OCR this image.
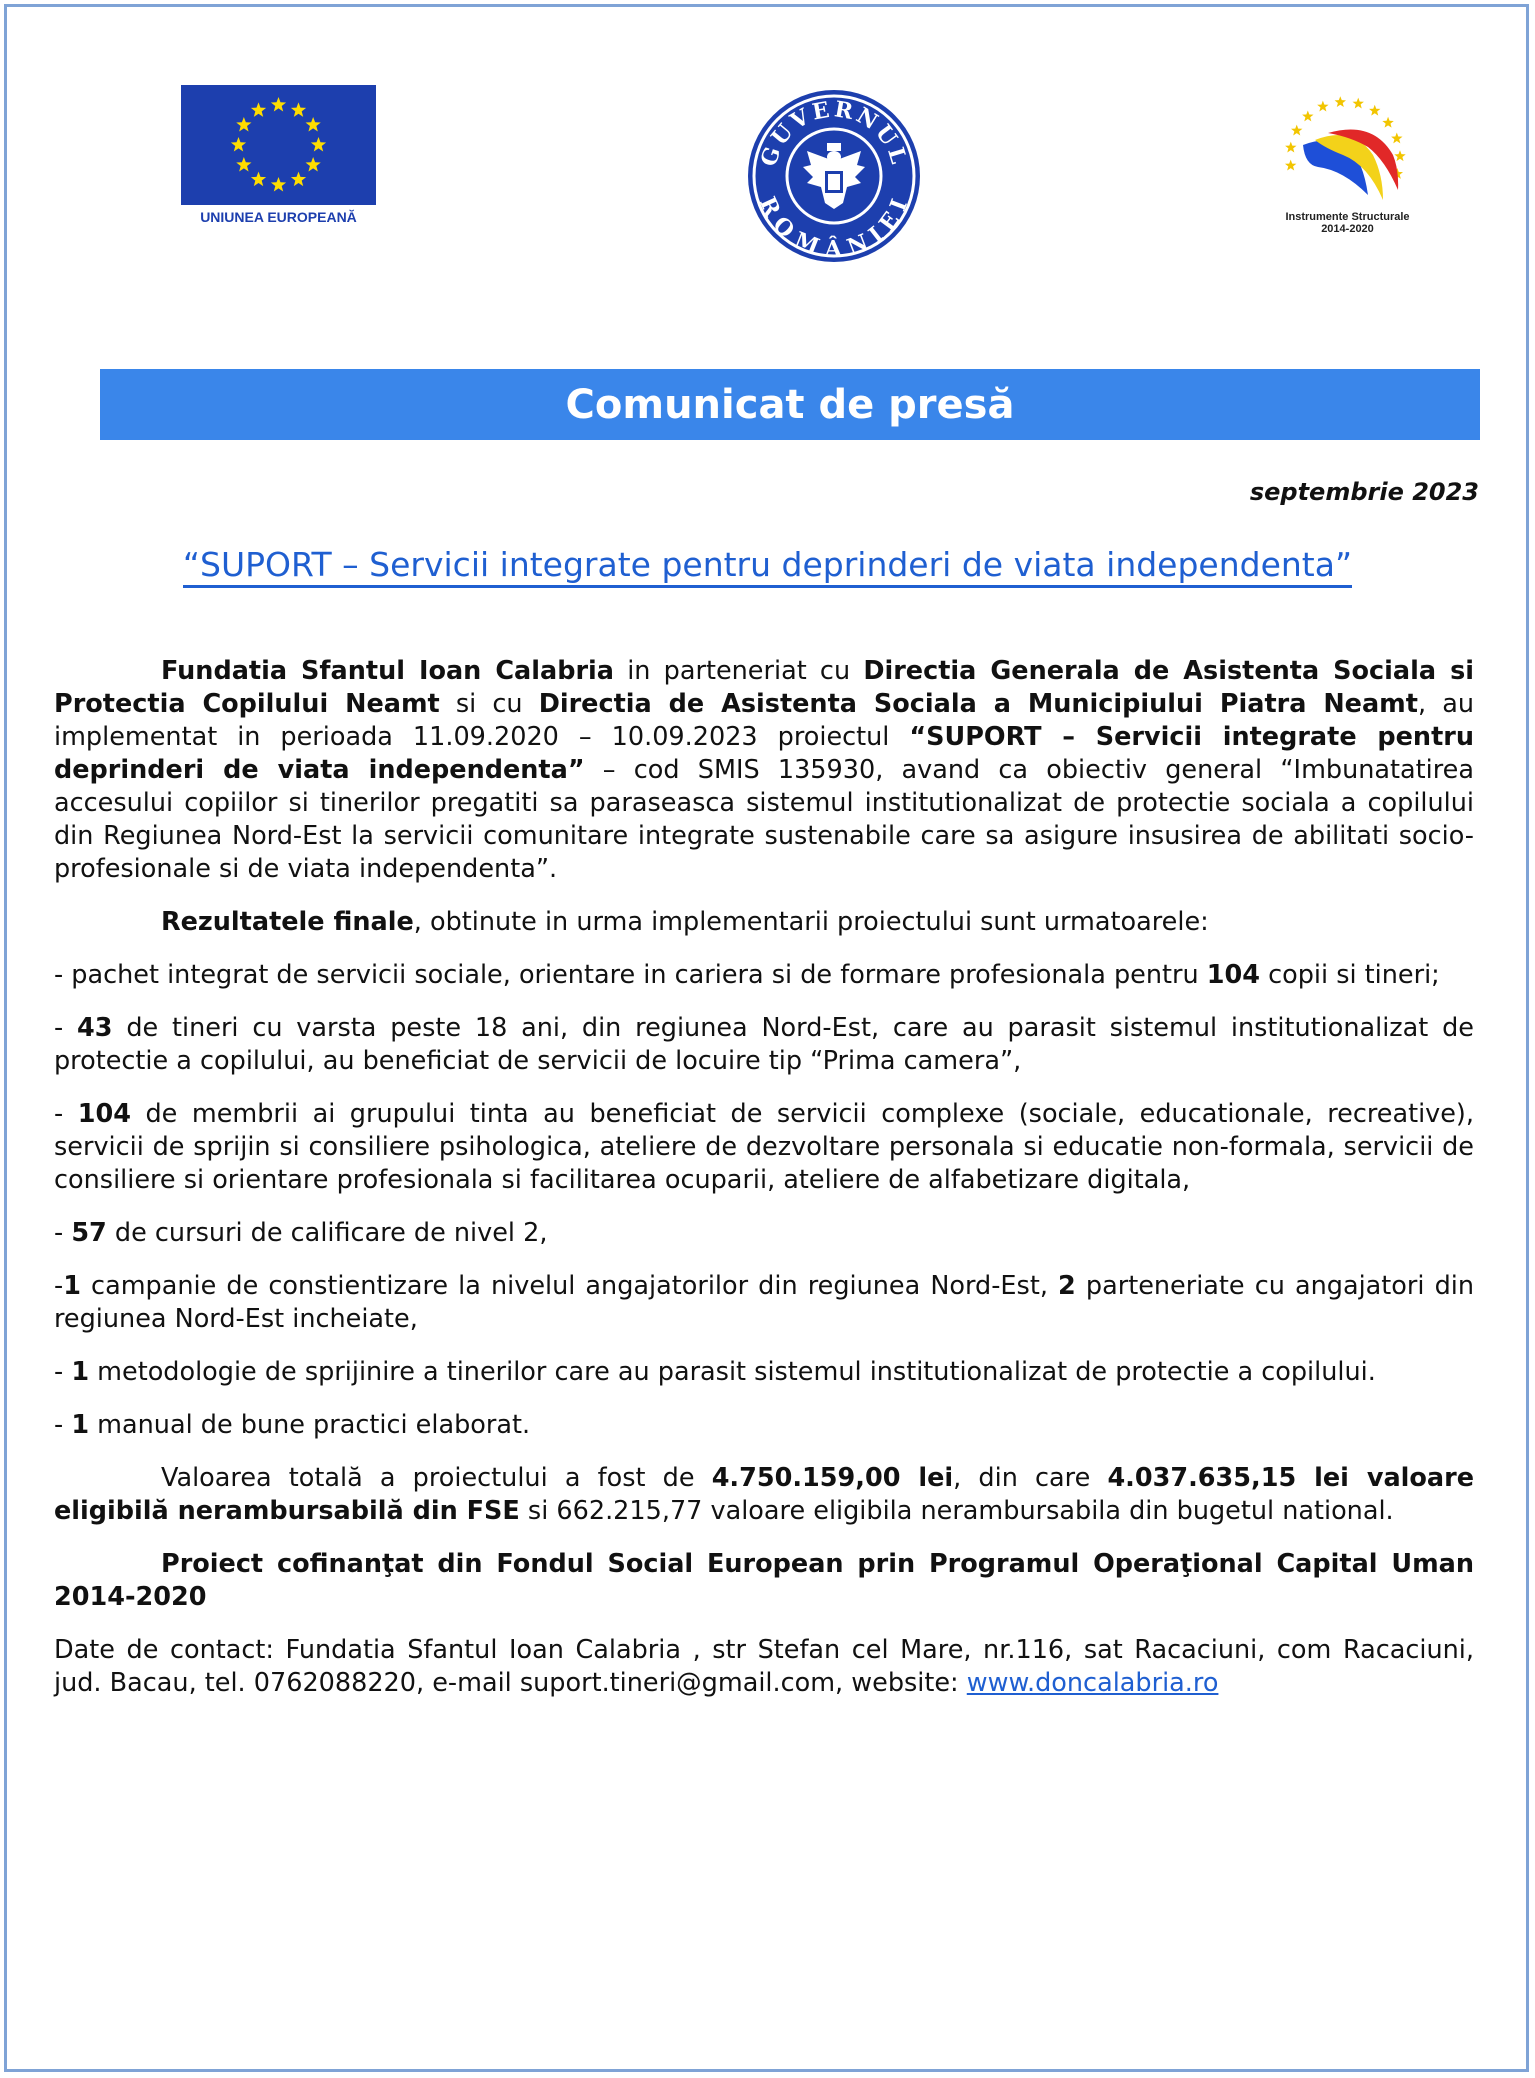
UNIUNEA EUROPEANĂ
GUVERNUL
ROMÂNIEI
Instrumente Structurale
2014-2020
Comunicat de presă
septembrie 2023
“SUPORT – Servicii integrate pentru deprinderi de viata independenta”

Fundatia Sfantul Ioan Calabria in parteneriat cu Directia Generala de Asistenta Sociala si Protectia Copilului Neamt si cu Directia de Asistenta Sociala a Municipiului Piatra Neamt, au implementat in perioada 11.09.2020 – 10.09.2023 proiectul “SUPORT – Servicii integrate pentru deprinderi de viata independenta” – cod SMIS 135930, avand ca obiectiv general “Imbunatatirea accesului copiilor si tinerilor pregatiti sa paraseasca sistemul institutionalizat de protectie sociala a copilului din Regiunea Nord-Est la servicii comunitare integrate sustenabile care sa asigure insusirea de abilitati socio-profesionale si de viata independenta”.

Rezultatele finale, obtinute in urma implementarii proiectului sunt urmatoarele:

- pachet integrat de servicii sociale, orientare in cariera si de formare profesionala pentru 104 copii si tineri;

- 43 de tineri cu varsta peste 18 ani, din regiunea Nord-Est, care au parasit sistemul institutionalizat de protectie a copilului, au beneficiat de servicii de locuire tip “Prima camera”,

- 104 de membrii ai grupului tinta au beneficiat de servicii complexe (sociale, educationale, recreative), servicii de sprijin si consiliere psihologica, ateliere de dezvoltare personala si educatie non-formala, servicii de consiliere si orientare profesionala si facilitarea ocuparii, ateliere de alfabetizare digitala,

- 57 de cursuri de calificare de nivel 2,

-1 campanie de constientizare la nivelul angajatorilor din regiunea Nord-Est, 2 parteneriate cu angajatori din regiunea Nord-Est incheiate,

- 1 metodologie de sprijinire a tinerilor care au parasit sistemul institutionalizat de protectie a copilului.

- 1 manual de bune practici elaborat.

Valoarea totală a proiectului a fost de 4.750.159,00 lei, din care 4.037.635,15 lei valoare eligibilă nerambursabilă din FSE si 662.215,77 valoare eligibila nerambursabila din bugetul national.

Proiect cofinanţat din Fondul Social European prin Programul Operaţional Capital Uman 2014-2020

Date de contact: Fundatia Sfantul Ioan Calabria , str Stefan cel Mare, nr.116, sat Racaciuni, com Racaciuni, jud. Bacau, tel. 0762088220, e-mail suport.tineri@gmail.com, website: www.doncalabria.ro
